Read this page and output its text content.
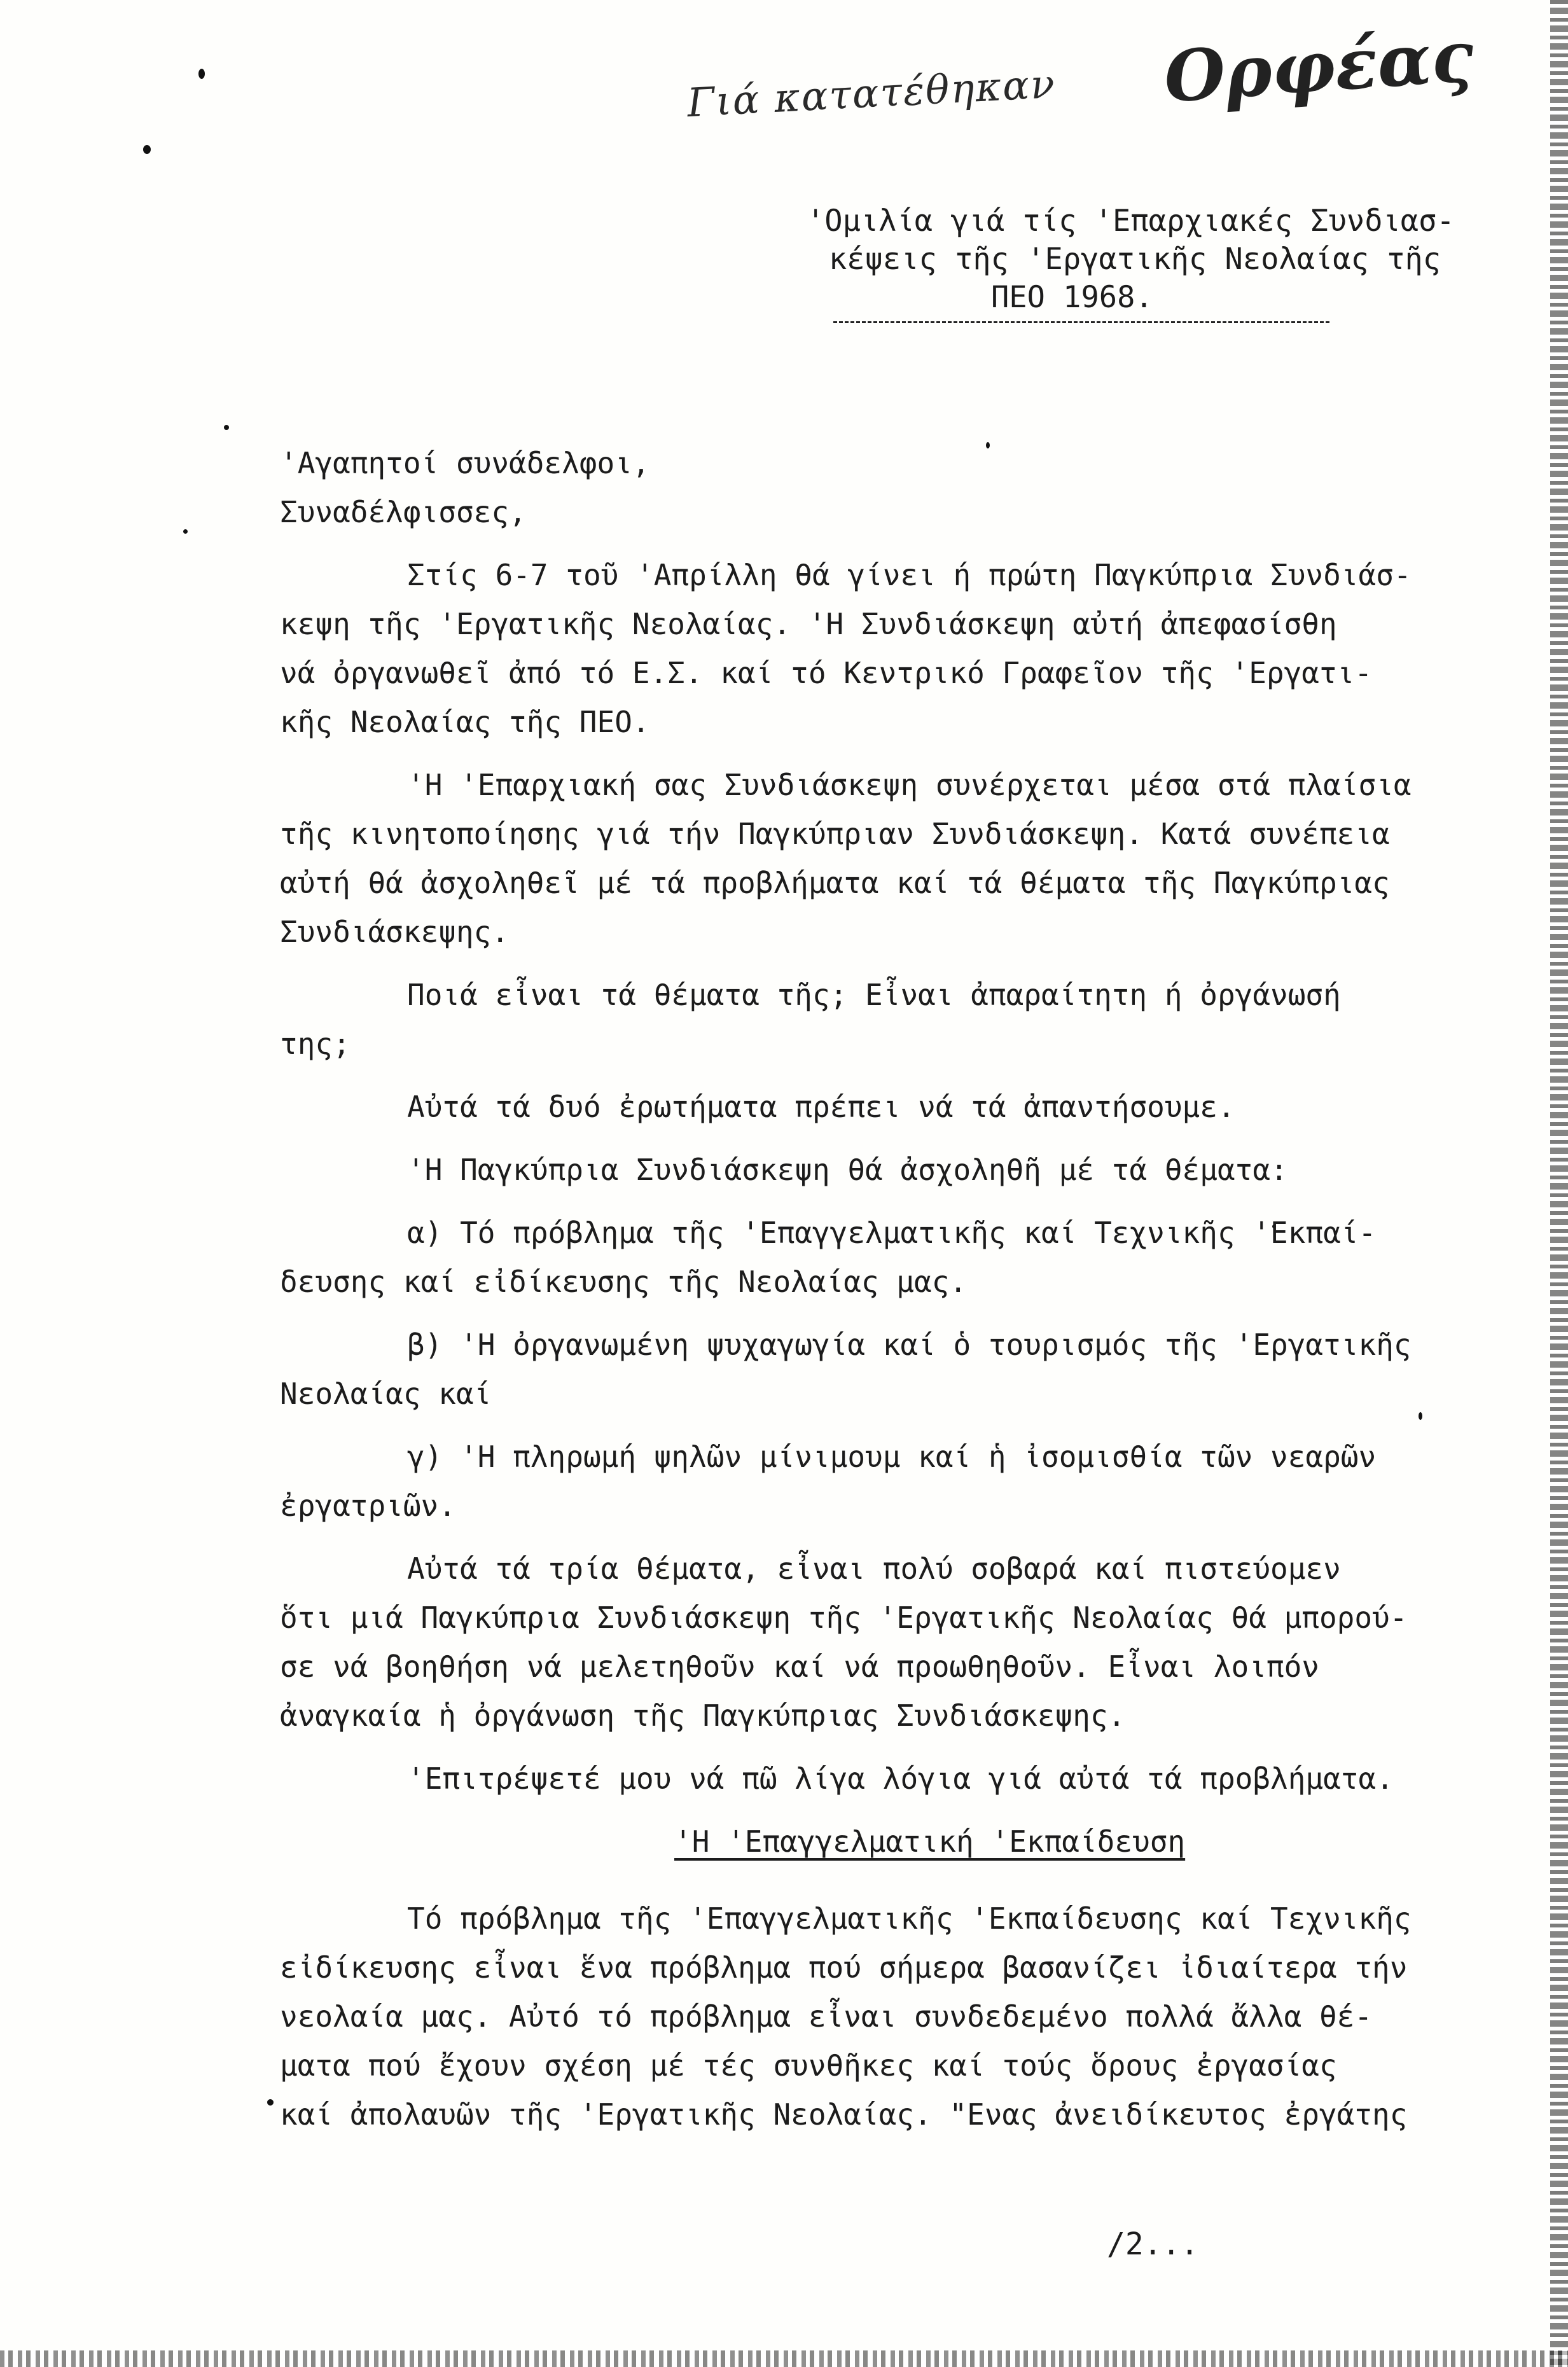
Γιά κατατέθηκαν Ορφέας
'Ομιλία γιά τίς 'Επαρχιακές Συνδιασ-
κέψεις τῆς 'Εργατικῆς Νεολαίας τῆς
ΠΕΟ 1968.
'Αγαπητοί συνάδελφοι,
Συναδέλφισσες,
Στίς 6-7 τοῦ 'Απρίλλη θά γίνει ή πρώτη Παγκύπρια Συνδιάσ-
κεψη τῆς 'Εργατικῆς Νεολαίας. 'Η Συνδιάσκεψη αὐτή ἀπεφασίσθη
νά ὀργανωθεῖ ἀπό τό Ε.Σ. καί τό Κεντρικό Γραφεῖον τῆς 'Εργατι-
κῆς Νεολαίας τῆς ΠΕΟ.
'Η 'Επαρχιακή σας Συνδιάσκεψη συνέρχεται μέσα στά πλαίσια
τῆς κινητοποίησης γιά τήν Παγκύπριαν Συνδιάσκεψη. Κατά συνέπεια
αὐτή θά ἀσχοληθεῖ μέ τά προβλήματα καί τά θέματα τῆς Παγκύπριας
Συνδιάσκεψης.
Ποιά εἶναι τά θέματα τῆς; Εἶναι ἀπαραίτητη ή ὀργάνωσή
της;
Αὐτά τά δυό ἐρωτήματα πρέπει νά τά ἀπαντήσουμε.
'Η Παγκύπρια Συνδιάσκεψη θά ἀσχοληθῆ μέ τά θέματα:
α) Τό πρόβλημα τῆς 'Επαγγελματικῆς καί Τεχνικῆς 'Εκπαί-
δευσης καί εἰδίκευσης τῆς Νεολαίας μας.
β) 'Η ὀργανωμένη ψυχαγωγία καί ὁ τουρισμός τῆς 'Εργατικῆς
Νεολαίας καί
γ) 'Η πληρωμή ψηλῶν μίνιμουμ καί ἡ ἰσομισθία τῶν νεαρῶν
ἐργατριῶν.
Αὐτά τά τρία θέματα, εἶναι πολύ σοβαρά καί πιστεύομεν
ὅτι μιά Παγκύπρια Συνδιάσκεψη τῆς 'Εργατικῆς Νεολαίας θά μπορού-
σε νά βοηθήση νά μελετηθοῦν καί νά προωθηθοῦν. Εἶναι λοιπόν
ἀναγκαία ἡ ὀργάνωση τῆς Παγκύπριας Συνδιάσκεψης.
'Επιτρέψετέ μου νά πῶ λίγα λόγια γιά αὐτά τά προβλήματα.
'Η 'Επαγγελματική 'Εκπαίδευση
Τό πρόβλημα τῆς 'Επαγγελματικῆς 'Εκπαίδευσης καί Τεχνικῆς
εἰδίκευσης εἶναι ἕνα πρόβλημα πού σήμερα βασανίζει ἰδιαίτερα τήν
νεολαία μας. Αὐτό τό πρόβλημα εἶναι συνδεδεμένο πολλά ἄλλα θέ-
ματα πού ἔχουν σχέση μέ τές συνθῆκες καί τούς ὅρους ἐργασίας
καί ἀπολαυῶν τῆς 'Εργατικῆς Νεολαίας. "Ενας ἀνειδίκευτος ἐργάτης
/2...
